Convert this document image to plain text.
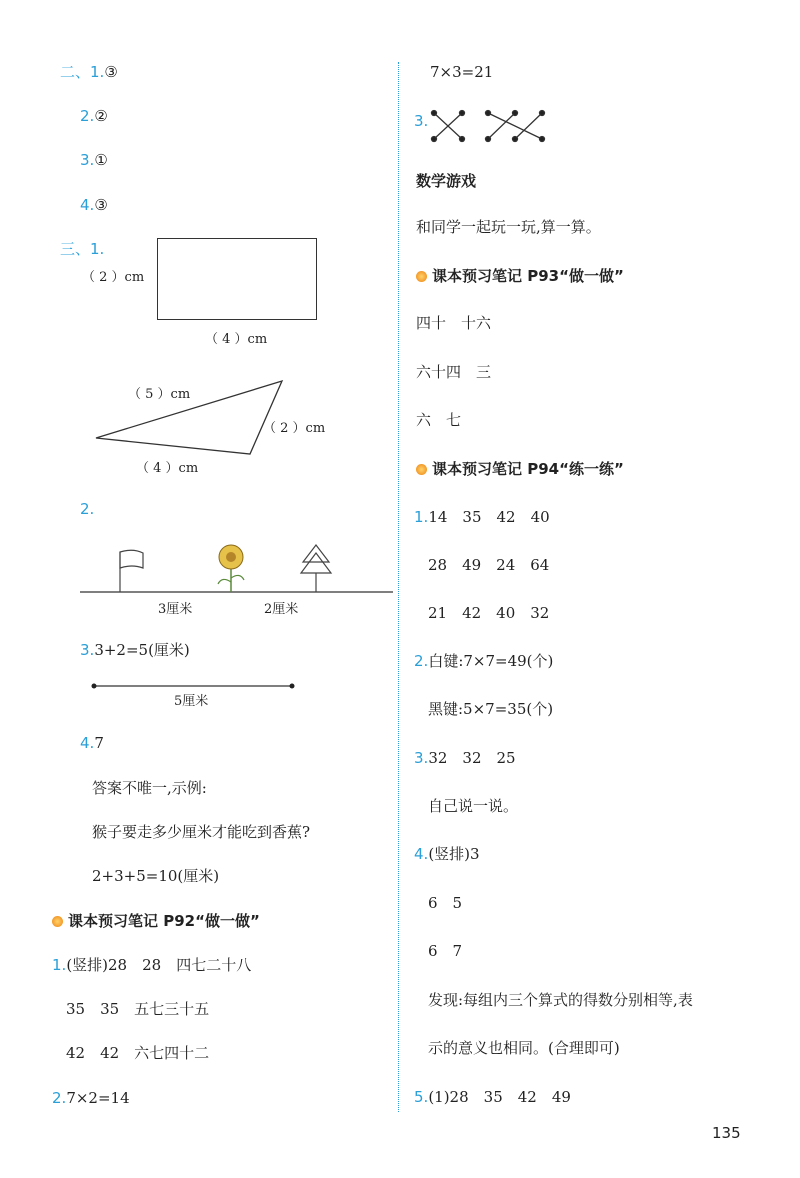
二、1.③
2.②
3.①
4.③
三、1.
（ 2 ）cm
（ 4 ）cm
（ 5 ）cm
（ 2 ）cm
（ 4 ）cm
2.
3厘米	2厘米
3.3+2=5(厘米)
5厘米
4.7
答案不唯一,示例:
猴子要走多少厘米才能吃到香蕉?
2+3+5=10(厘米)
课本预习笔记 P92“做一做”
1.(竖排)28　28　四七二十八
35　35　五七三十五
42　42　六七四十二
2.7×2=14
7×3=21
3.
数学游戏
和同学一起玩一玩,算一算。
课本预习笔记 P93“做一做”
四十　十六
六十四　三
六　七
课本预习笔记 P94“练一练”
1.14　35　42　40
28　49　24　64
21　42　40　32
2.白键:7×7=49(个)
黑键:5×7=35(个)
3.32　32　25
自己说一说。
4.(竖排)3
6　5
6　7
发现:每组内三个算式的得数分别相等,表
示的意义也相同。(合理即可)
5.(1)28　35　42　49
135
